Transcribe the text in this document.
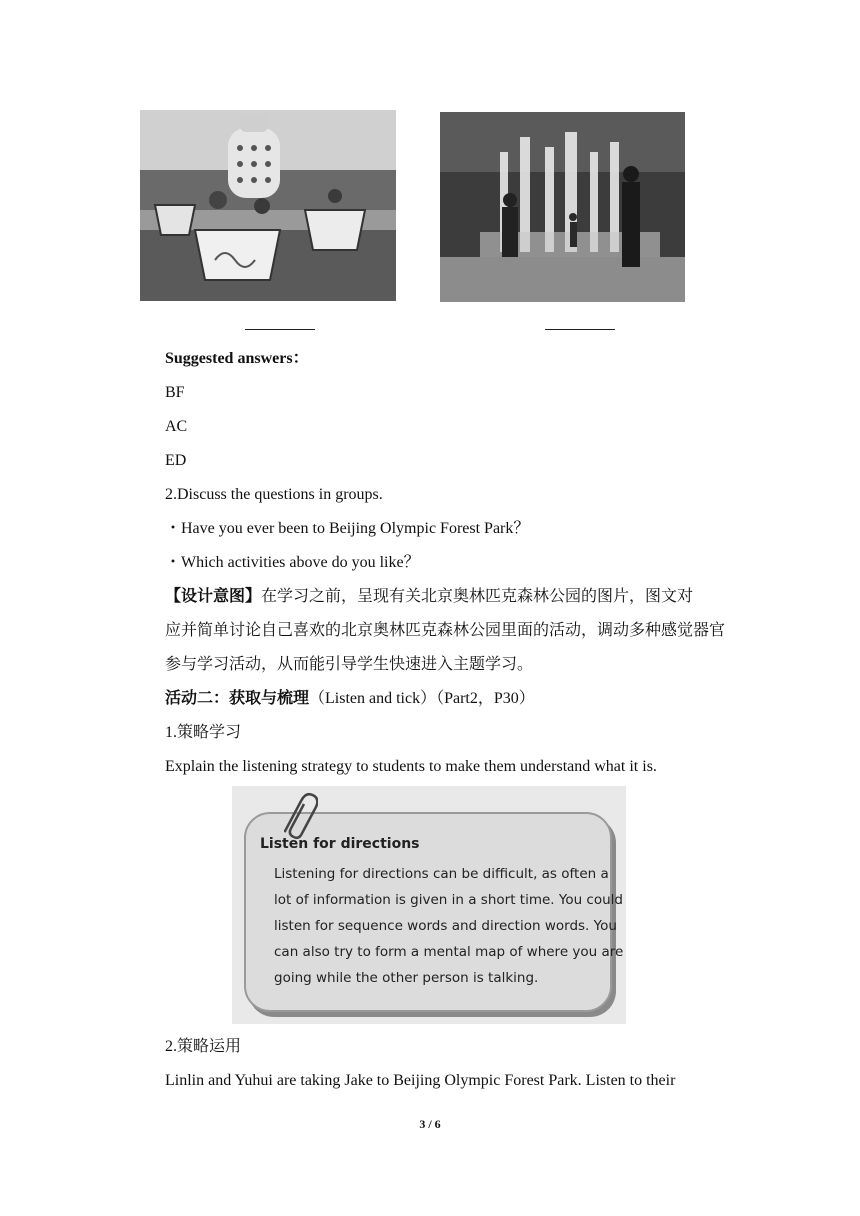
Suggested answers：
BF
AC
ED
2.Discuss the questions in groups.
・Have you ever been to Beijing Olympic Forest Park？
・Which activities above do you like？
【设计意图】在学习之前，呈现有关北京奥林匹克森林公园的图片，图文对
应并简单讨论自己喜欢的北京奥林匹克森林公园里面的活动，调动多种感觉器官
参与学习活动，从而能引导学生快速进入主题学习。
活动二：获取与梳理（Listen and tick）（Part2，P30）
1.策略学习
Explain the listening strategy to students to make them understand what it is.
Listen for directions
Listening for directions can be difficult, as often a
lot of information is given in a short time. You could
listen for sequence words and direction words. You
can also try to form a mental map of where you are
going while the other person is talking.
2.策略运用
Linlin and Yuhui are taking Jake to Beijing Olympic Forest Park. Listen to their
3 / 6
